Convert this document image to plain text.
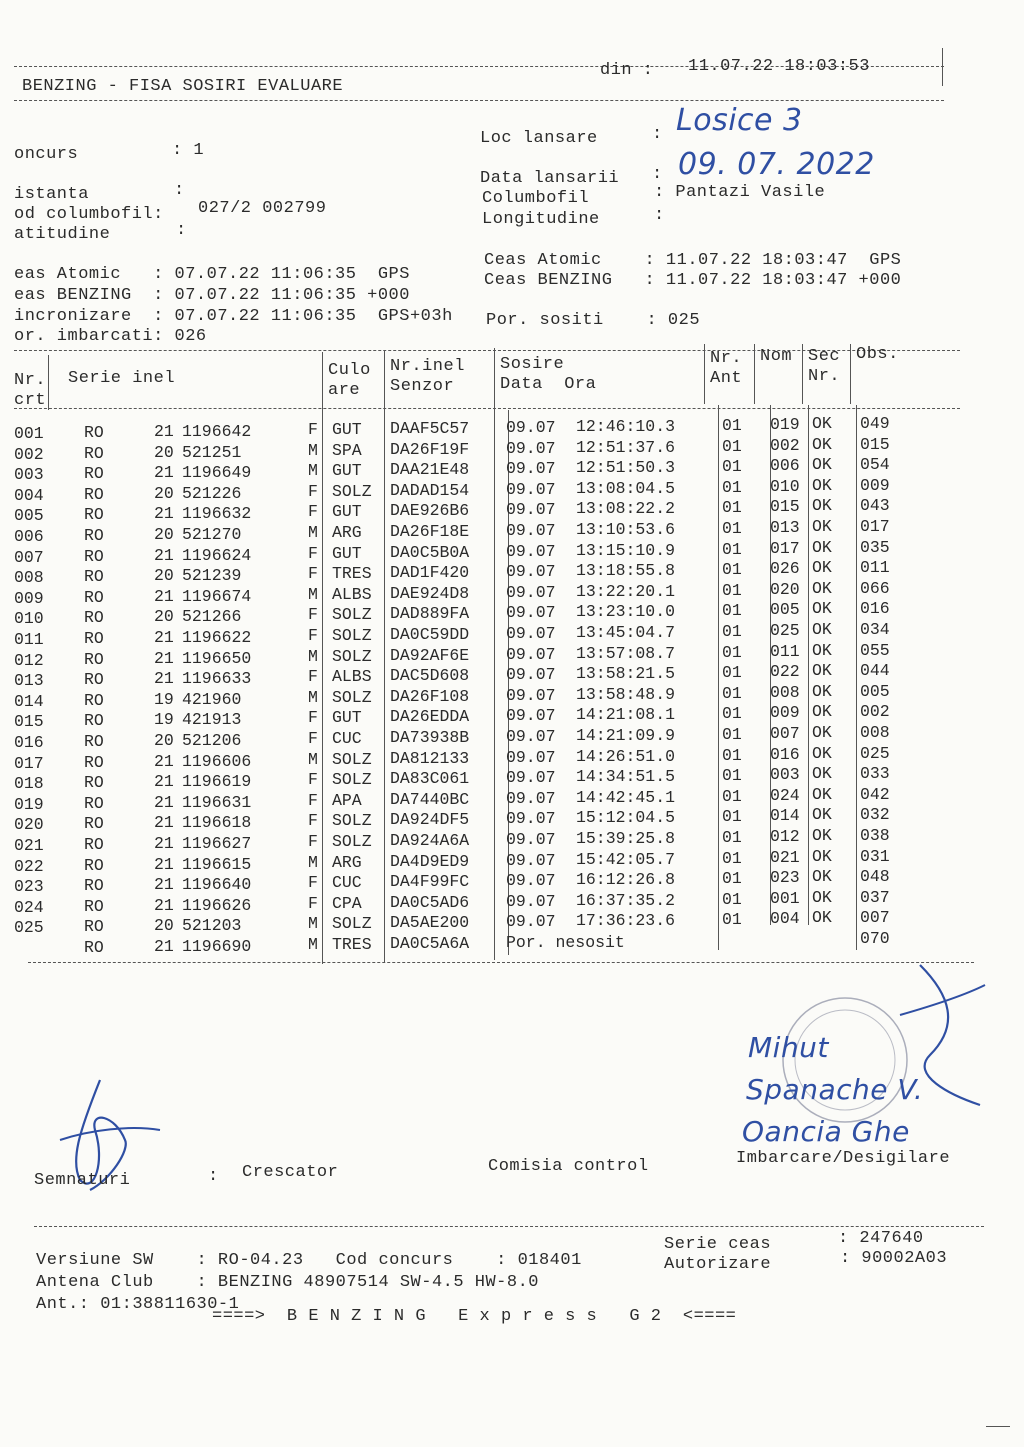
BENZING - FISA SOSIRI EVALUARE
din : 11.07.22 18:03:53
oncurs	: 1
istanta	:
od columbofil: 027/2 002799
atitudine	:
Loc lansare	: Losice 3
Data lansarii : 09. 07. 2022
Columbofil	: Pantazi Vasile
Longitudine	:
eas Atomic   : 07.07.22 11:06:35  GPS
eas BENZING  : 07.07.22 11:06:35 +000
incronizare  : 07.07.22 11:06:35  GPS+03h
or. imbarcati: 026
Ceas Atomic    : 11.07.22 18:03:47  GPS
Ceas BENZING   : 11.07.22 18:03:47 +000
Por. sositi    : 025
Nr.
crt
Serie inel	Culo
are
Nr.inel
Senzor
Sosire
Data  Ora
Nr.
Ant
Nom Sec
Nr.
Obs.
001 RO	21 1196642	F GUT DAAF5C57 09.07 12:46:10.3	01 019 OK 049
002 RO	20 521251	M SPA DA26F19F 09.07 12:51:37.6	01 002 OK 015
003 RO	21 1196649	M GUT DAA21E48 09.07 12:51:50.3	01 006 OK 054
004 RO	20 521226	F SOLZ DADAD154 09.07 13:08:04.5	01 010 OK 009
005 RO	21 1196632	F GUT DAE926B6 09.07 13:08:22.2	01 015 OK 043
006 RO	20 521270	M ARG DA26F18E 09.07 13:10:53.6	01 013 OK 017
007 RO	21 1196624	F GUT DA0C5B0A 09.07 13:15:10.9	01 017 OK 035
008 RO	20 521239	F TRES DAD1F420 09.07 13:18:55.8	01 026 OK 011
009 RO	21 1196674	M ALBS DAE924D8 09.07 13:22:20.1	01 020 OK 066
010 RO	20 521266	F SOLZ DAD889FA 09.07 13:23:10.0	01 005 OK 016
011 RO	21 1196622	F SOLZ DA0C59DD 09.07 13:45:04.7	01 025 OK 034
012 RO	21 1196650	M SOLZ DA92AF6E 09.07 13:57:08.7	01 011 OK 055
013 RO	21 1196633	F ALBS DAC5D608 09.07 13:58:21.5	01 022 OK 044
014 RO	19 421960	M SOLZ DA26F108 09.07 13:58:48.9	01 008 OK 005
015 RO	19 421913	F GUT DA26EDDA 09.07 14:21:08.1	01 009 OK 002
016 RO	20 521206	F CUC DA73938B 09.07 14:21:09.9	01 007 OK 008
017 RO	21 1196606	M SOLZ DA812133 09.07 14:26:51.0	01 016 OK 025
018 RO	21 1196619	F SOLZ DA83C061 09.07 14:34:51.5	01 003 OK 033
019 RO	21 1196631	F APA DA7440BC 09.07 14:42:45.1	01 024 OK 042
020 RO	21 1196618	F SOLZ DA924DF5 09.07 15:12:04.5	01 014 OK 032
021 RO	21 1196627	F SOLZ DA924A6A 09.07 15:39:25.8	01 012 OK 038
022 RO	21 1196615	M ARG DA4D9ED9 09.07 15:42:05.7	01 021 OK 031
023 RO	21 1196640	F CUC DA4F99FC 09.07 16:12:26.8	01 023 OK 048
024 RO	21 1196626	F CPA DA0C5AD6 09.07 16:37:35.2	01 001 OK 037
025 RO	20 521203	M SOLZ DA5AE200 09.07 17:36:23.6	01 004 OK 007
RO	21 1196690	M TRES DA0C5A6A Por. nesosit	070
Mihut
Spanache V.
Oancia Ghe
Semnaturi	: Crescator	Comisia control	Imbarcare/Desigilare
Versiune SW    : RO-04.23   Cod concurs    : 018401
Antena Club    : BENZING 48907514 SW-4.5 HW-8.0
Ant.: 01:38811630-1
====>  B E N Z I N G   E x p r e s s   G 2  <====
Serie ceas	: 247640
Autorizare	: 90002A03
